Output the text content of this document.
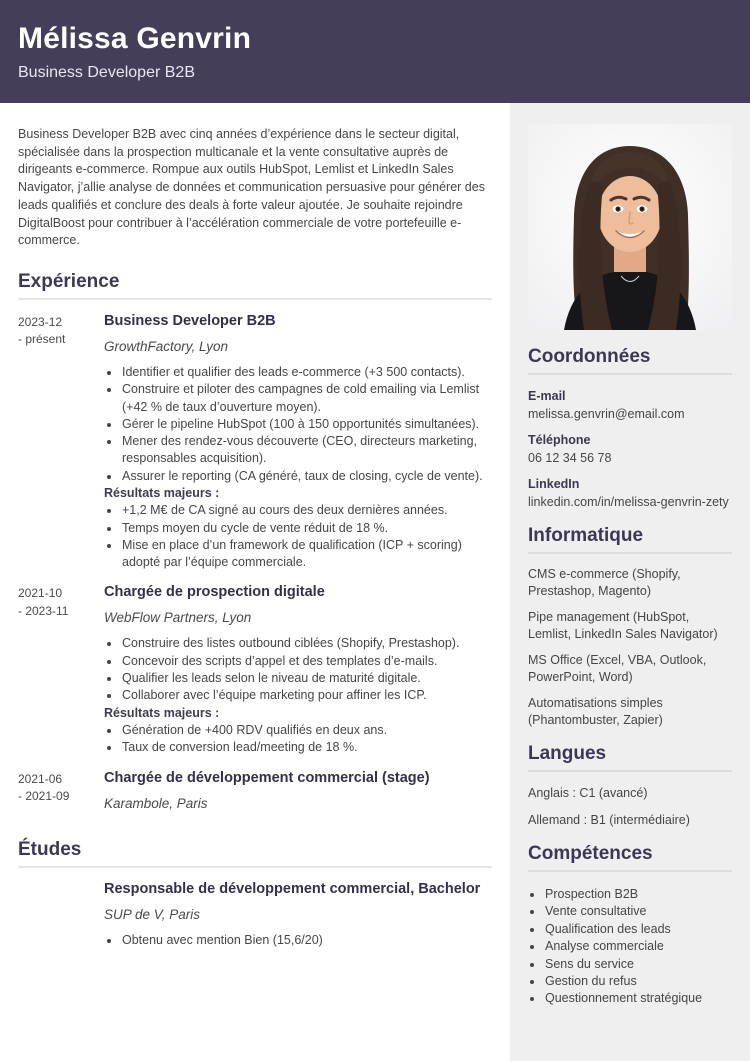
Mélissa Genvrin
Business Developer B2B

Business Developer B2B avec cinq années d’expérience dans le secteur digital, spécialisée dans la prospection multicanale et la vente consultative auprès de dirigeants e-commerce. Rompue aux outils HubSpot, Lemlist et LinkedIn Sales Navigator, j’allie analyse de données et communication persuasive pour générer des leads qualifiés et conclure des deals à forte valeur ajoutée. Je souhaite rejoindre DigitalBoost pour contribuer à l’accélération commerciale de votre portefeuille e-commerce.

Expérience
2023-12
- présent
Business Developer B2B
GrowthFactory, Lyon
• Identifier et qualifier des leads e-commerce (+3 500 contacts).
• Construire et piloter des campagnes de cold emailing via Lemlist (+42 % de taux d’ouverture moyen).
• Gérer le pipeline HubSpot (100 à 150 opportunités simultanées).
• Mener des rendez-vous découverte (CEO, directeurs marketing, responsables acquisition).
• Assurer le reporting (CA généré, taux de closing, cycle de vente).
Résultats majeurs :
• +1,2 M€ de CA signé au cours des deux dernières années.
• Temps moyen du cycle de vente réduit de 18 %.
• Mise en place d’un framework de qualification (ICP + scoring) adopté par l’équipe commerciale.
2021-10
- 2023-11
Chargée de prospection digitale
WebFlow Partners, Lyon
• Construire des listes outbound ciblées (Shopify, Prestashop).
• Concevoir des scripts d’appel et des templates d’e-mails.
• Qualifier les leads selon le niveau de maturité digitale.
• Collaborer avec l’équipe marketing pour affiner les ICP.
Résultats majeurs :
• Génération de +400 RDV qualifiés en deux ans.
• Taux de conversion lead/meeting de 18 %.
2021-06
- 2021-09
Chargée de développement commercial (stage)
Karambole, Paris
Études
Responsable de développement commercial, Bachelor
SUP de V, Paris
• Obtenu avec mention Bien (15,6/20)
Coordonnées
E-mail
melissa.genvrin@email.com
Téléphone
06 12 34 56 78
LinkedIn
linkedin.com/in/melissa-genvrin-zety
Informatique
CMS e-commerce (Shopify, Prestashop, Magento)
Pipe management (HubSpot, Lemlist, LinkedIn Sales Navigator)
MS Office (Excel, VBA, Outlook, PowerPoint, Word)
Automatisations simples (Phantombuster, Zapier)
Langues
Anglais : C1 (avancé)
Allemand : B1 (intermédiaire)
Compétences
• Prospection B2B
• Vente consultative
• Qualification des leads
• Analyse commerciale
• Sens du service
• Gestion du refus
• Questionnement stratégique
